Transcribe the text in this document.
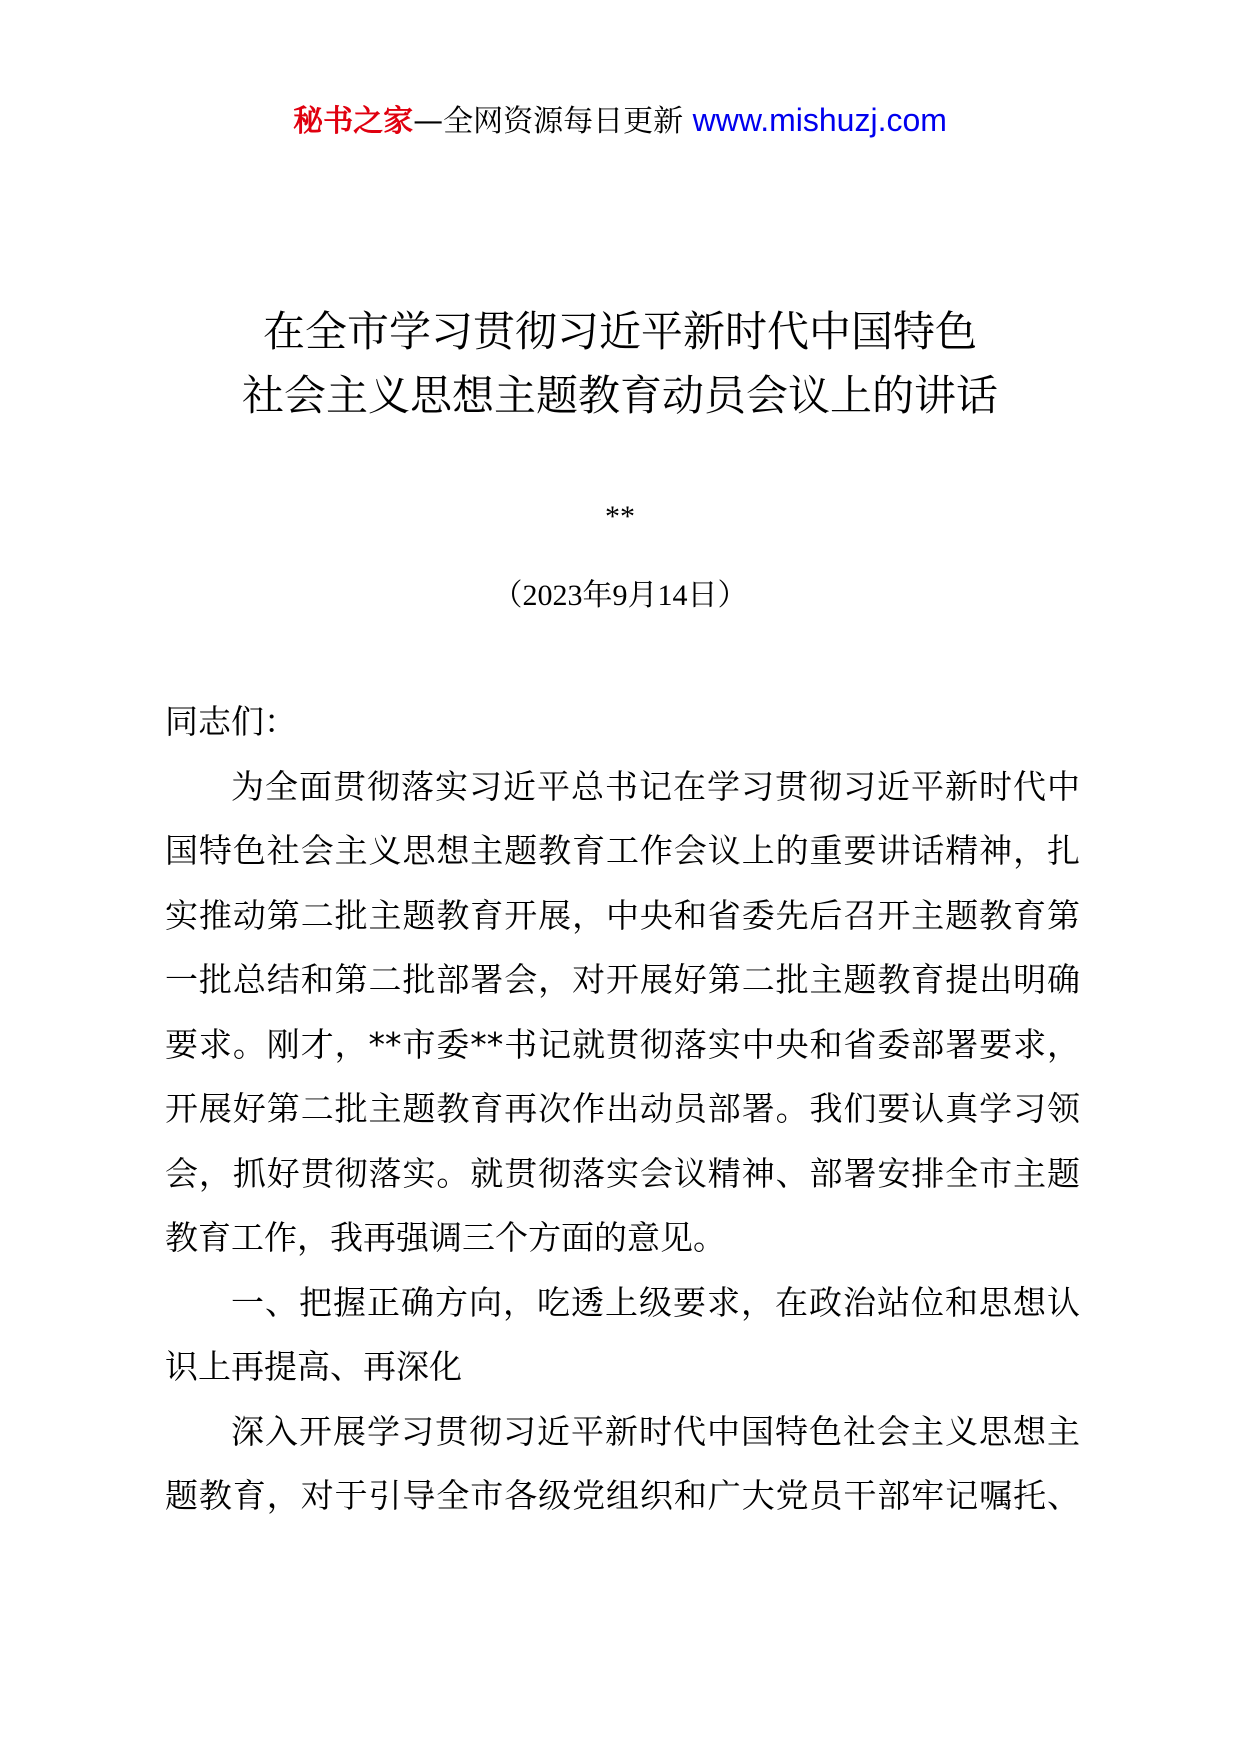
秘书之家—全网资源每日更新 www.mishuzj.com
在全市学习贯彻习近平新时代中国特色
社会主义思想主题教育动员会议上的讲话
**
（2023年9月14日）

同志们：

为全面贯彻落实习近平总书记在学习贯彻习近平新时代中

国特色社会主义思想主题教育工作会议上的重要讲话精神，扎
实推动第二批主题教育开展，中央和省委先后召开主题教育第
一批总结和第二批部署会，对开展好第二批主题教育提出明确
要求。刚才，**市委**书记就贯彻落实中央和省委部署要求，
开展好第二批主题教育再次作出动员部署。我们要认真学习领
会，抓好贯彻落实。就贯彻落实会议精神、部署安排全市主题
教育工作，我再强调三个方面的意见。

一、把握正确方向，吃透上级要求，在政治站位和思想认

识上再提高、再深化

深入开展学习贯彻习近平新时代中国特色社会主义思想主

题教育，对于引导全市各级党组织和广大党员干部牢记嘱托、
